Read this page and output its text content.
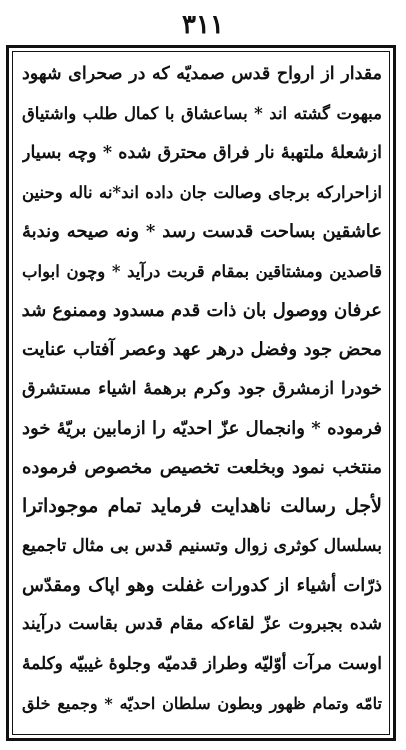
۳۱۱
مقدار از ارواح قدس صمدیّه که در صحرای شهود
مبهوت گشته اند * بساعشاق با کمال طلب واشتیاق
ازشعلهٔ ملتهبهٔ نار فراق محترق شده * وچه بسیار
ازاحرارکه برجای وصالت جان داده اند*نه ناله وحنین
عاشقین بساحت قدست رسد * ونه صیحه وندبهٔ
قاصدین ومشتاقین بمقام قربت درآید * وچون ابواب
عرفان ووصول بان ذات قدم مسدود وممنوع شد
محض جود وفضل درهر عهد وعصر آفتاب عنایت
خودرا ازمشرق جود وکرم برهمهٔ اشیاء مستشرق
فرموده * وانجمال عزّ احدیّه را ازمابین بریّهٔ خود
منتخب نمود وبخلعت تخصیص مخصوص فرموده
لأجل رسالت ناهدایت فرماید تمام موجوداترا
بسلسال کوثری زوال وتسنیم قدس بی مثال تاجمیع
ذرّات أشیاء از کدورات غفلت وهو اپاک ومقدّس
شده بجبروت عزّ لقاءکه مقام قدس بقاست درآیند
اوست مرآت أوّلیّه وطراز قدمیّه وجلوهٔ غیبیّه وکلمهٔ
تامّه وتمام ظهور وبطون سلطان احدیّه * وجمیع خلق
